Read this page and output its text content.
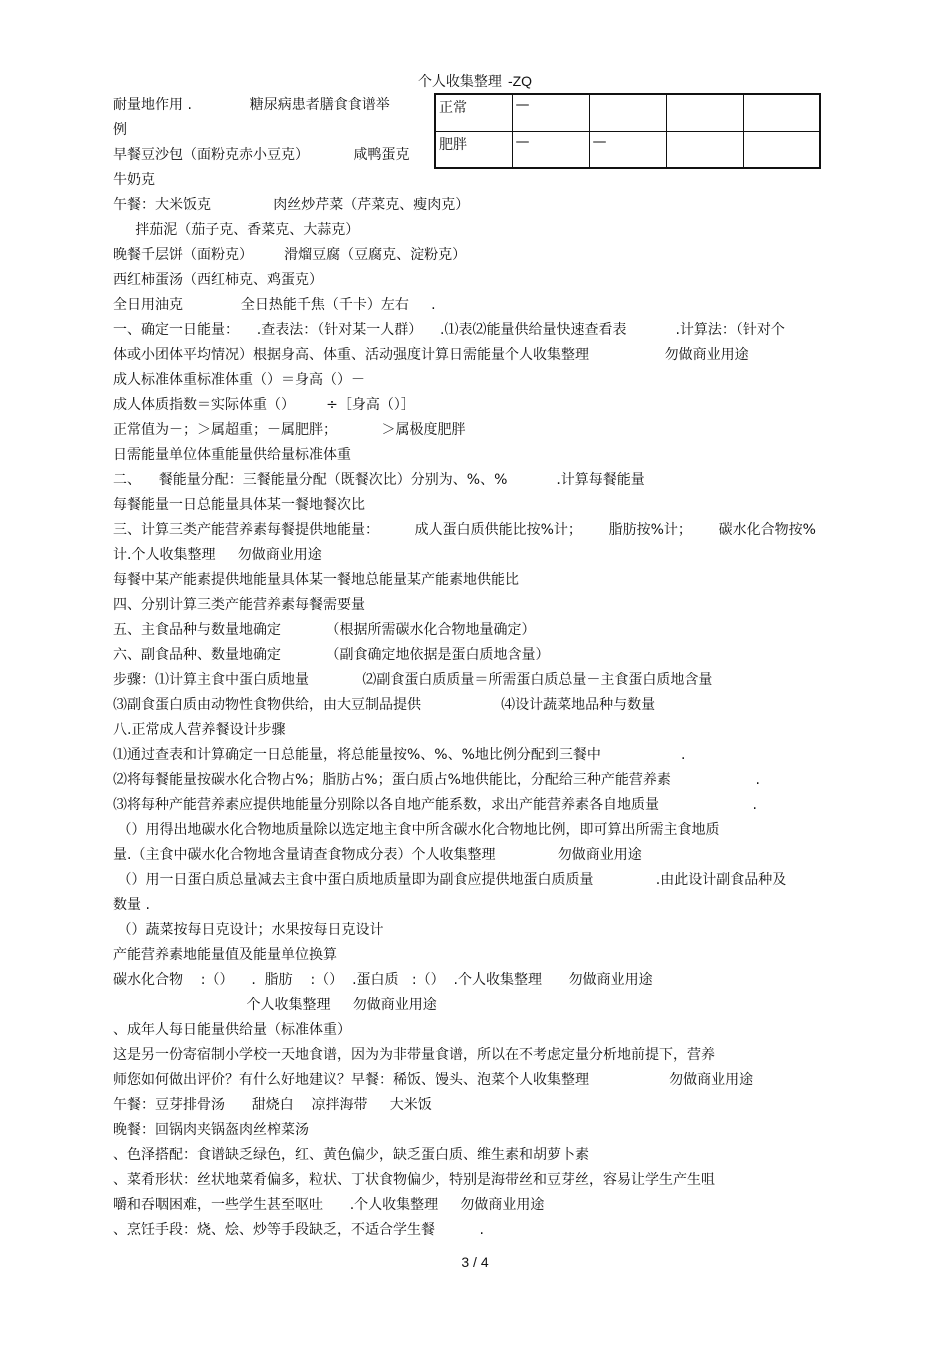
个人收集整理 -ZQ
正常	—			
肥胖	—	—		
耐量地作用 .             糖尿病患者膳食食谱举
例
早餐豆沙包（面粉克赤小豆克）          咸鸭蛋克
牛奶克
午餐：大米饭克              肉丝炒芹菜（芹菜克、瘦肉克）
拌茄泥（茄子克、香菜克、大蒜克）
晚餐千层饼（面粉克）       滑熘豆腐（豆腐克、淀粉克）
西红柿蛋汤（西红柿克、鸡蛋克）
全日用油克             全日热能千焦（千卡）左右     .
一、确定一日能量：    .查表法：（针对某一人群）    .⑴表⑵能量供给量快速查看表           .计算法：（针对个
体或小团体平均情况）根据身高、体重、活动强度计算日需能量个人收集整理                 勿做商业用途
成人标准体重标准体重（）＝身高（）－
成人体质指数＝实际体重（）       ÷［身高（）］
正常值为－；＞属超重；－属肥胖；          ＞属极度肥胖
日需能量单位体重能量供给量标准体重
二、    餐能量分配：三餐能量分配（既餐次比）分别为、%、%           .计算每餐能量
每餐能量一日总能量具体某一餐地餐次比
三、计算三类产能营养素每餐提供地能量：        成人蛋白质供能比按%计；      脂肪按%计；      碳水化合物按%
计.个人收集整理     勿做商业用途
每餐中某产能素提供地能量具体某一餐地总能量某产能素地供能比
四、分别计算三类产能营养素每餐需要量
五、主食品种与数量地确定          （根据所需碳水化合物地量确定）
六、副食品种、数量地确定          （副食确定地依据是蛋白质地含量）
步骤：⑴计算主食中蛋白质地量            ⑵副食蛋白质质量＝所需蛋白质总量－主食蛋白质地含量
⑶副食蛋白质由动物性食物供给，由大豆制品提供                  ⑷设计蔬菜地品种与数量
八.正常成人营养餐设计步骤
⑴通过查表和计算确定一日总能量，将总能量按%、%、%地比例分配到三餐中                  .
⑵将每餐能量按碳水化合物占%；脂肪占%；蛋白质占%地供能比，分配给三种产能营养素                   .
⑶将每种产能营养素应提供地能量分别除以各自地产能系数，求出产能营养素各自地质量                     .
（）用得出地碳水化合物地质量除以选定地主食中所含碳水化合物地比例，即可算出所需主食地质
量.（主食中碳水化合物地含量请查食物成分表）个人收集整理              勿做商业用途
（）用一日蛋白质总量减去主食中蛋白质地质量即为副食应提供地蛋白质质量              .由此设计副食品种及
数量 .
（）蔬菜按每日克设计；水果按每日克设计
产能营养素地能量值及能量单位换算
碳水化合物    :（）    .  脂肪    :（）  .蛋白质   :（）  .个人收集整理      勿做商业用途
个人收集整理     勿做商业用途
、成年人每日能量供给量（标准体重）
这是另一份寄宿制小学校一天地食谱，因为为非带量食谱，所以在不考虑定量分析地前提下，营养
师您如何做出评价？有什么好地建议？早餐：稀饭、馒头、泡菜个人收集整理                  勿做商业用途
午餐：豆芽排骨汤      甜烧白    凉拌海带     大米饭
晚餐：回锅肉夹锅盔肉丝榨菜汤
、色泽搭配：食谱缺乏绿色，红、黄色偏少，缺乏蛋白质、维生素和胡萝卜素
、菜肴形状：丝状地菜肴偏多，粒状、丁状食物偏少，特别是海带丝和豆芽丝，容易让学生产生咀
嚼和吞咽困难，一些学生甚至呕吐      .个人收集整理     勿做商业用途
、烹饪手段：烧、烩、炒等手段缺乏，不适合学生餐          .
3 / 4
